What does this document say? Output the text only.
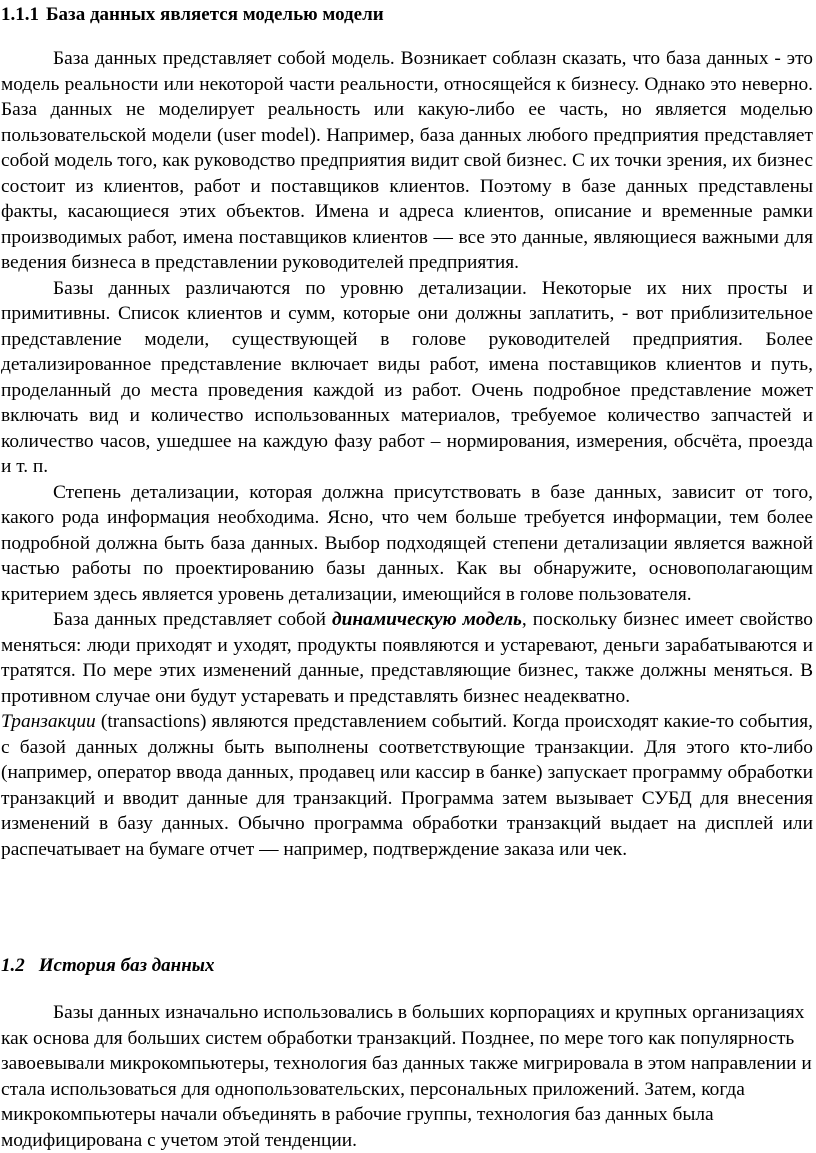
1.1.1 База данных является моделью модели

База данных представляет собой модель. Возникает соблазн сказать, что база данных - это модель реальности или некоторой части реальности, относящейся к бизнесу. Однако это неверно. База данных не моделирует реальность или какую-либо ее часть, но является моделью пользовательской модели (user model). Например, база данных любого предприятия представляет собой модель того, как руководство предприятия видит свой бизнес. С их точки зрения, их бизнес состоит из клиентов, работ и поставщиков клиентов. Поэтому в базе данных представлены факты, касающиеся этих объектов. Имена и адреса клиентов, описание и временные рамки производимых работ, имена поставщиков клиентов — все это данные, являющиеся важными для ведения бизнеса в представлении руководителей предприятия.

Базы данных различаются по уровню детализации. Некоторые их них просты и примитивны. Список клиентов и сумм, которые они должны заплатить, - вот приблизительное представление модели, существующей в голове руководителей предприятия. Более детализированное представление включает виды работ, имена поставщиков клиентов и путь, проделанный до места проведения каждой из работ. Очень подробное представление может включать вид и количество использованных материалов, требуемое количество запчастей и количество часов, ушедшее на каждую фазу работ – нормирования, измерения, обсчёта, проезда и т. п.

Степень детализации, которая должна присутствовать в базе данных, зависит от того, какого рода информация необходима. Ясно, что чем больше требуется информации, тем более подробной должна быть база данных. Выбор подходящей степени детализации является важной частью работы по проектированию базы данных. Как вы обнаружите, основополагающим критерием здесь является уровень детализации, имеющийся в голове пользователя.

База данных представляет собой динамическую модель, поскольку бизнес имеет свойство меняться: люди приходят и уходят, продукты появляются и устаревают, деньги зарабатываются и тратятся. По мере этих изменений данные, представляющие бизнес, также должны меняться. В противном случае они будут устаревать и представлять бизнес неадекватно.

Транзакции (transactions) являются представлением событий. Когда происходят какие-то события, с базой данных должны быть выполнены соответствующие транзакции. Для этого кто-либо (например, оператор ввода данных, продавец или кассир в банке) запускает программу обработки транзакций и вводит данные для транзакций. Программа затем вызывает СУБД для внесения изменений в базу данных. Обычно программа обработки транзакций выдает на дисплей или распечатывает на бумаге отчет — например, подтверждение заказа или чек.

1.2 История баз данных

Базы данных изначально использовались в больших корпорациях и крупных организациях как основа для больших систем обработки транзакций. Позднее, по мере того как популярность завоевывали микрокомпьютеры, технология баз данных также мигрировала в этом направлении и стала использоваться для однопользовательских, персональных приложений. Затем, когда микрокомпьютеры начали объединять в рабочие группы, технология баз данных была модифицирована с учетом этой тенденции.
